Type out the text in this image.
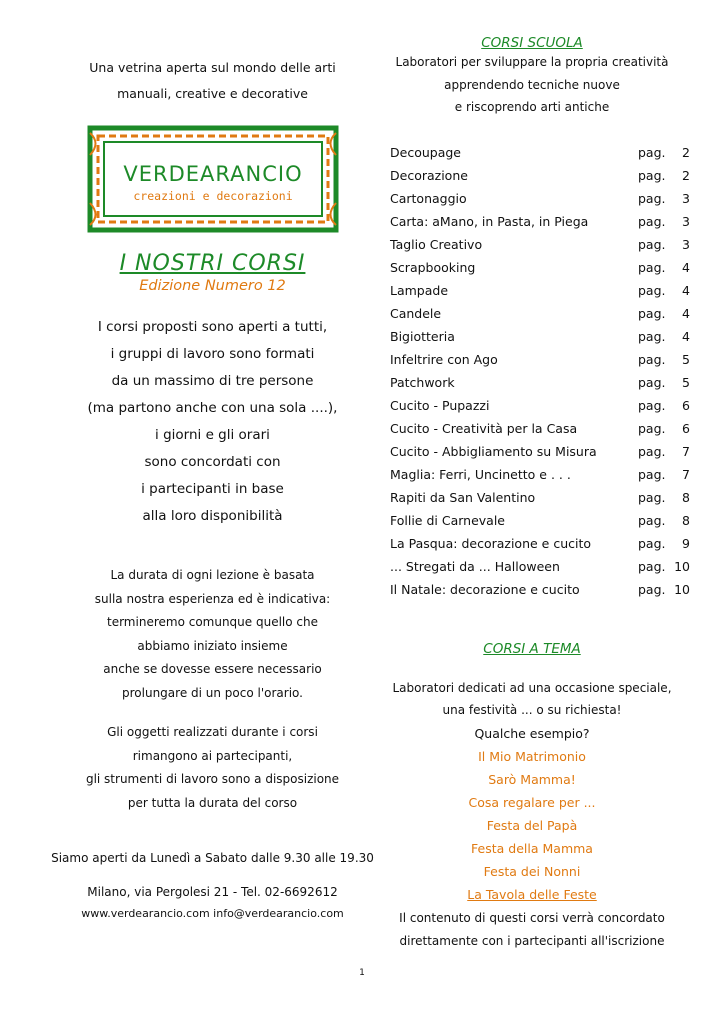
Una vetrina aperta sul mondo delle arti

manuali, creative e decorative

VERDEARANCIO
creazioni e decorazioni
I NOSTRI CORSI
Edizione Numero 12

I corsi proposti sono aperti a tutti,

i gruppi di lavoro sono formati

da un massimo di tre persone

(ma partono anche con una sola ....),

i giorni e gli orari

sono concordati con

i partecipanti in base

alla loro disponibilità

La durata di ogni lezione è basata

sulla nostra esperienza ed è indicativa:

termineremo comunque quello che

abbiamo iniziato insieme

anche se dovesse essere necessario

prolungare di un poco l'orario.

Gli oggetti realizzati durante i corsi

rimangono ai partecipanti,

gli strumenti di lavoro sono a disposizione

per tutta la durata del corso

Siamo aperti da Lunedì a Sabato dalle 9.30 alle 19.30

Milano, via Pergolesi 21 - Tel. 02-6692612

www.verdearancio.com info@verdearancio.com

CORSI SCUOLA

Laboratori per sviluppare la propria creatività

apprendendo tecniche nuove

e riscoprendo arti antiche

Decoupage	pag.	2
Decorazione	pag.	2
Cartonaggio	pag.	3
Carta: aMano, in Pasta, in Piega	pag.	3
Taglio Creativo	pag.	3
Scrapbooking	pag.	4
Lampade	pag.	4
Candele	pag.	4
Bigiotteria	pag.	4
Infeltrire con Ago	pag.	5
Patchwork	pag.	5
Cucito - Pupazzi	pag.	6
Cucito - Creatività per la Casa	pag.	6
Cucito - Abbigliamento su Misura	pag.	7
Maglia: Ferri, Uncinetto e . . .	pag.	7
Rapiti da San Valentino	pag.	8
Follie di Carnevale	pag.	8
La Pasqua: decorazione e cucito	pag.	9
... Stregati da ... Halloween	pag. 10
Il Natale: decorazione e cucito	pag. 10
CORSI A TEMA

Laboratori dedicati ad una occasione speciale,

una festività ... o su richiesta!

Qualche esempio?
Il Mio Matrimonio
Sarò Mamma!
Cosa regalare per ...
Festa del Papà
Festa della Mamma
Festa dei Nonni
La Tavola delle Feste

Il contenuto di questi corsi verrà concordato

direttamente con i partecipanti all'iscrizione

1
